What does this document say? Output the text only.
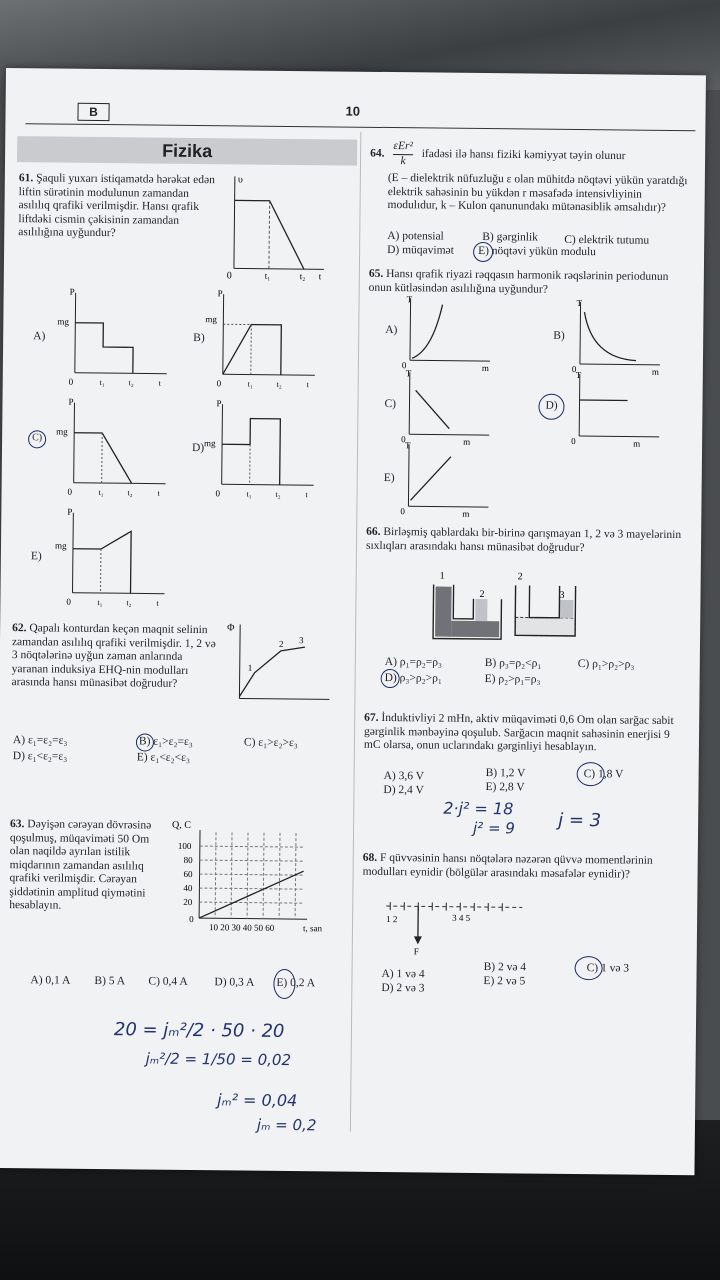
B	10
Fizika
61. Şaquli yuxarı istiqamətdə hərəkət edən liftin sürətinin modulunun zamandan asılılıq qrafiki verilmişdir. Hansı qrafik liftdəki cismin çəkisinin zamandan asılılığına uyğundur?
0	t₁	t₂ t
υ
A)
mg
0	t₁	t₂	t
P
B)
mg
0	t₁	t₂	t
P
C)
mg
0	t₁	t₂	t
P
D) mg
0	t₁	t₂	t
P
E)
mg
0	t₁	t₂	t
P
62. Qapalı konturdan keçən maqnit selinin zamandan asılılıq qrafiki verilmişdir. 1, 2 və 3 nöqtələrinə uyğun zaman anlarında yaranan induksiya EHQ-nin modulları arasında hansı münasibət doğrudur?
Φ
1
2 3
A) ε₁=ε₂=ε₃	B) ε₁>ε₂=ε₃	C) ε₁>ε₂>ε₃
D) ε₁<ε₂=ε₃	E) ε₁<ε₂<ε₃
63. Dəyişən cərəyan dövrəsinə qoşulmuş, müqaviməti 50 Om olan naqildə ayrılan istilik miqdarının zamandan asılılıq qrafiki verilmişdir. Cərəyan şiddətinin amplitud qiymətini hesablayın.
Q, C
100
80
60
40
20
0
10 20 30 40 50 60	t, san
A) 0,1 A B) 5 A C) 0,4 A D) 0,3 A E) 0,2 A
20 = jₘ²/2 · 50 · 20
jₘ²/2 = 1/50 = 0,02
jₘ² = 0,04
jₘ = 0,2
64.
εEr²
k	ifadəsi ilə hansı fiziki kəmiyyət təyin olunur
(E – dielektrik nüfuzluğu ε olan mühitdə nöqtəvi yükün yaratdığı elektrik sahəsinin bu yükdən r məsafədə intensivliyinin modulıdur, k – Kulon qanunundakı mütənasiblik əmsalıdır)?
A) potensial	B) gərginlik C) elektrik tutumu
D) müqavimət E) nöqtəvi yükün modulu
65. Hansı qrafik riyazi rəqqasın harmonik rəqslərinin periodunun onun kütləsindən asılılığına uyğundur?
A)
T
0	m
B)
T
0	m
C)
T
0	m
D)
T
0	m
E)
T
0	m
66. Birləşmiş qablardakı bir-birinə qarışmayan 1, 2 və 3 mayelərinin sıxlıqları arasındakı hansı münasibət doğrudur?
1
2
2
3
A) ρ₁=ρ₂=ρ₃	B) ρ₃=ρ₂<ρ₁	C) ρ₁>ρ₂>ρ₃
D) ρ₃>ρ₂>ρ₁	E) ρ₂>ρ₁=ρ₃
67. İnduktivliyi 2 mHn, aktiv müqaviməti 0,6 Om olan sarğac sabit gərginlik mənbəyinə qoşulub. Sarğacın maqnit sahəsinin enerjisi 9 mC olarsa, onun uclarındakı gərginliyi hesablayın.
A) 3,6 V	B) 1,2 V	C) 1,8 V
D) 2,4 V	E) 2,8 V
2·j² = 18
j² = 9 j = 3
68. F qüvvəsinin hansı nöqtələrə nəzərən qüvvə momentlərinin modulları eynidir (bölgülər arasındakı məsafələr eynidir)?
1 2	3 4 5
F
A) 1 və 4
B) 2 və 4	C) 1 və 3
D) 2 və 3
E) 2 və 5
